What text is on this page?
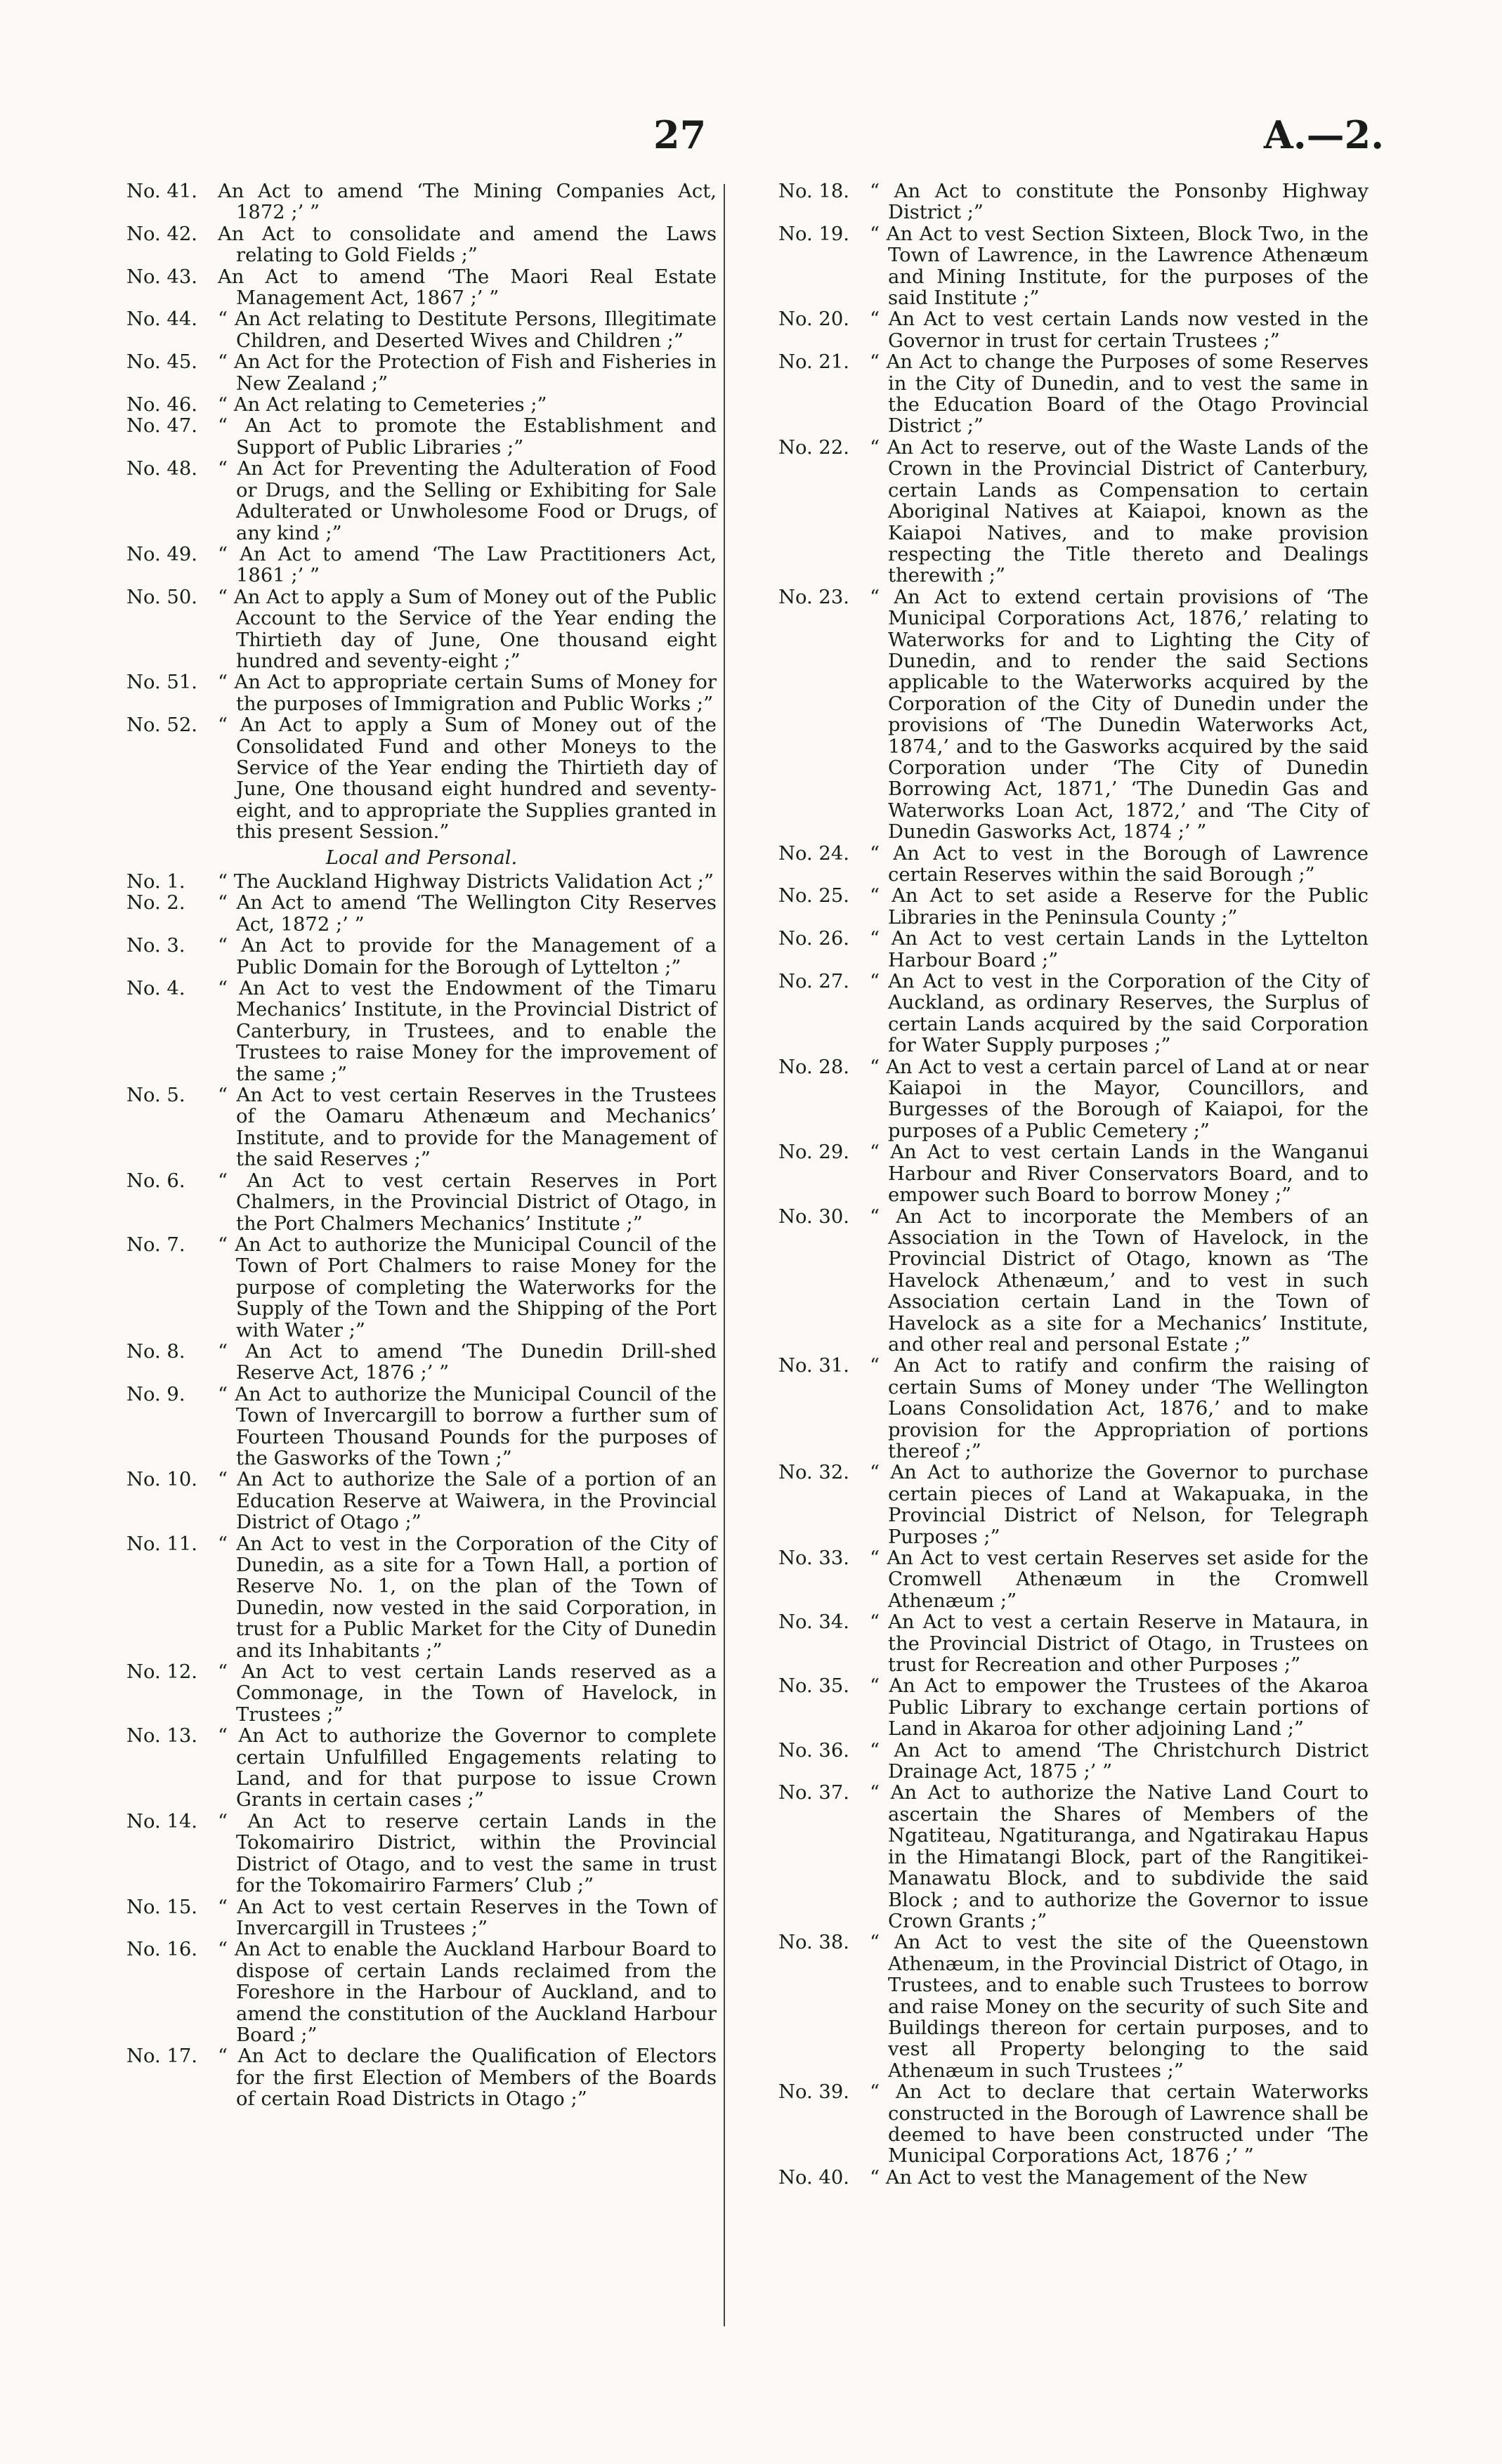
27	A.—2.
No. 41.	An Act to amend ‘The Mining Companies Act, 1872 ;’ ”
No. 42.	An Act to consolidate and amend the Laws relating to Gold Fields ;”
No. 43.	An Act to amend ‘The Maori Real Estate Management Act, 1867 ;’ ”
No. 44.	“ An Act relating to Destitute Persons, Illegitimate Children, and Deserted Wives and Children ;”
No. 45.	“ An Act for the Protection of Fish and Fisheries in New Zealand ;”
No. 46.	“ An Act relating to Cemeteries ;”
No. 47.	“ An Act to promote the Establishment and Support of Public Libraries ;”
No. 48.	“ An Act for Preventing the Adulteration of Food or Drugs, and the Selling or Exhibiting for Sale Adulterated or Unwholesome Food or Drugs, of any kind ;”
No. 49.	“ An Act to amend ‘The Law Practitioners Act, 1861 ;’ ”
No. 50.	“ An Act to apply a Sum of Money out of the Public Account to the Service of the Year ending the Thirtieth day of June, One thousand eight hundred and seventy-eight ;”
No. 51.	“ An Act to appropriate certain Sums of Money for the purposes of Immigration and Public Works ;”
No. 52.	“ An Act to apply a Sum of Money out of the Consolidated Fund and other Moneys to the Service of the Year ending the Thirtieth day of June, One thousand eight hundred and seventy-eight, and to appropriate the Supplies granted in this present Session.”
Local and Personal.
No. 1.	“ The Auckland Highway Districts Validation Act ;”
No. 2.	“ An Act to amend ‘The Wellington City Reserves Act, 1872 ;’ ”
No. 3.	“ An Act to provide for the Management of a Public Domain for the Borough of Lyttelton ;”
No. 4.	“ An Act to vest the Endowment of the Timaru Mechanics’ Institute, in the Provincial District of Canterbury, in Trustees, and to enable the Trustees to raise Money for the improvement of the same ;”
No. 5.	“ An Act to vest certain Reserves in the Trustees of the Oamaru Athenæum and Mechanics’ Institute, and to provide for the Management of the said Reserves ;”
No. 6.	“ An Act to vest certain Reserves in Port Chalmers, in the Provincial District of Otago, in the Port Chalmers Mechanics’ Institute ;”
No. 7.	“ An Act to authorize the Municipal Council of the Town of Port Chalmers to raise Money for the purpose of completing the Waterworks for the Supply of the Town and the Shipping of the Port with Water ;”
No. 8.	“ An Act to amend ‘The Dunedin Drill-shed Reserve Act, 1876 ;’ ”
No. 9.	“ An Act to authorize the Municipal Council of the Town of Invercargill to borrow a further sum of Fourteen Thousand Pounds for the purposes of the Gasworks of the Town ;”
No. 10.	“ An Act to authorize the Sale of a portion of an Education Reserve at Waiwera, in the Provincial District of Otago ;”
No. 11.	“ An Act to vest in the Corporation of the City of Dunedin, as a site for a Town Hall, a portion of Reserve No. 1, on the plan of the Town of Dunedin, now vested in the said Corporation, in trust for a Public Market for the City of Dunedin and its Inhabitants ;”
No. 12.	“ An Act to vest certain Lands reserved as a Commonage, in the Town of Havelock, in Trustees ;”
No. 13.	“ An Act to authorize the Governor to complete certain Unfulfilled Engagements relating to Land, and for that purpose to issue Crown Grants in certain cases ;”
No. 14.	“ An Act to reserve certain Lands in the Tokomairiro District, within the Provincial District of Otago, and to vest the same in trust for the Tokomairiro Farmers’ Club ;”
No. 15.	“ An Act to vest certain Reserves in the Town of Invercargill in Trustees ;”
No. 16.	“ An Act to enable the Auckland Harbour Board to dispose of certain Lands reclaimed from the Foreshore in the Harbour of Auckland, and to amend the constitution of the Auckland Harbour Board ;”
No. 17.	“ An Act to declare the Qualification of Electors for the first Election of Members of the Boards of certain Road Districts in Otago ;”
No. 18.	“ An Act to constitute the Ponsonby Highway District ;”
No. 19.	“ An Act to vest Section Sixteen, Block Two, in the Town of Lawrence, in the Lawrence Athenæum and Mining Institute, for the purposes of the said Institute ;”
No. 20.	“ An Act to vest certain Lands now vested in the Governor in trust for certain Trustees ;”
No. 21.	“ An Act to change the Purposes of some Reserves in the City of Dunedin, and to vest the same in the Education Board of the Otago Provincial District ;”
No. 22.	“ An Act to reserve, out of the Waste Lands of the Crown in the Provincial District of Canterbury, certain Lands as Compensation to certain Aboriginal Natives at Kaiapoi, known as the Kaiapoi Natives, and to make provision respecting the Title thereto and Dealings therewith ;”
No. 23.	“ An Act to extend certain provisions of ‘The Municipal Corporations Act, 1876,’ relating to Waterworks for and to Lighting the City of Dunedin, and to render the said Sections applicable to the Waterworks acquired by the Corporation of the City of Dunedin under the provisions of ‘The Dunedin Waterworks Act, 1874,’ and to the Gasworks acquired by the said Corporation under ‘The City of Dunedin Borrowing Act, 1871,’ ‘The Dunedin Gas and Waterworks Loan Act, 1872,’ and ‘The City of Dunedin Gasworks Act, 1874 ;’ ”
No. 24.	“ An Act to vest in the Borough of Lawrence certain Reserves within the said Borough ;”
No. 25.	“ An Act to set aside a Reserve for the Public Libraries in the Peninsula County ;”
No. 26.	“ An Act to vest certain Lands in the Lyttelton Harbour Board ;”
No. 27.	“ An Act to vest in the Corporation of the City of Auckland, as ordinary Reserves, the Surplus of certain Lands acquired by the said Corporation for Water Supply purposes ;”
No. 28.	“ An Act to vest a certain parcel of Land at or near Kaiapoi in the Mayor, Councillors, and Burgesses of the Borough of Kaiapoi, for the purposes of a Public Cemetery ;”
No. 29.	“ An Act to vest certain Lands in the Wanganui Harbour and River Conservators Board, and to empower such Board to borrow Money ;”
No. 30.	“ An Act to incorporate the Members of an Association in the Town of Havelock, in the Provincial District of Otago, known as ‘The Havelock Athenæum,’ and to vest in such Association certain Land in the Town of Havelock as a site for a Mechanics’ Institute, and other real and personal Estate ;”
No. 31.	“ An Act to ratify and confirm the raising of certain Sums of Money under ‘The Wellington Loans Consolidation Act, 1876,’ and to make provision for the Appropriation of portions thereof ;”
No. 32.	“ An Act to authorize the Governor to purchase certain pieces of Land at Wakapuaka, in the Provincial District of Nelson, for Telegraph Purposes ;”
No. 33.	“ An Act to vest certain Reserves set aside for the Cromwell Athenæum in the Cromwell Athenæum ;”
No. 34.	“ An Act to vest a certain Reserve in Mataura, in the Provincial District of Otago, in Trustees on trust for Recreation and other Purposes ;”
No. 35.	“ An Act to empower the Trustees of the Akaroa Public Library to exchange certain portions of Land in Akaroa for other adjoining Land ;”
No. 36.	“ An Act to amend ‘The Christchurch District Drainage Act, 1875 ;’ ”
No. 37.	“ An Act to authorize the Native Land Court to ascertain the Shares of Members of the Ngatiteau, Ngatituranga, and Ngatirakau Hapus in the Himatangi Block, part of the Rangitikei-Manawatu Block, and to subdivide the said Block ; and to authorize the Governor to issue Crown Grants ;”
No. 38.	“ An Act to vest the site of the Queenstown Athenæum, in the Provincial District of Otago, in Trustees, and to enable such Trustees to borrow and raise Money on the security of such Site and Buildings thereon for certain purposes, and to vest all Property belonging to the said Athenæum in such Trustees ;”
No. 39.	“ An Act to declare that certain Waterworks constructed in the Borough of Lawrence shall be deemed to have been constructed under ‘The Municipal Corporations Act, 1876 ;’ ”
No. 40.	“ An Act to vest the Management of the New
